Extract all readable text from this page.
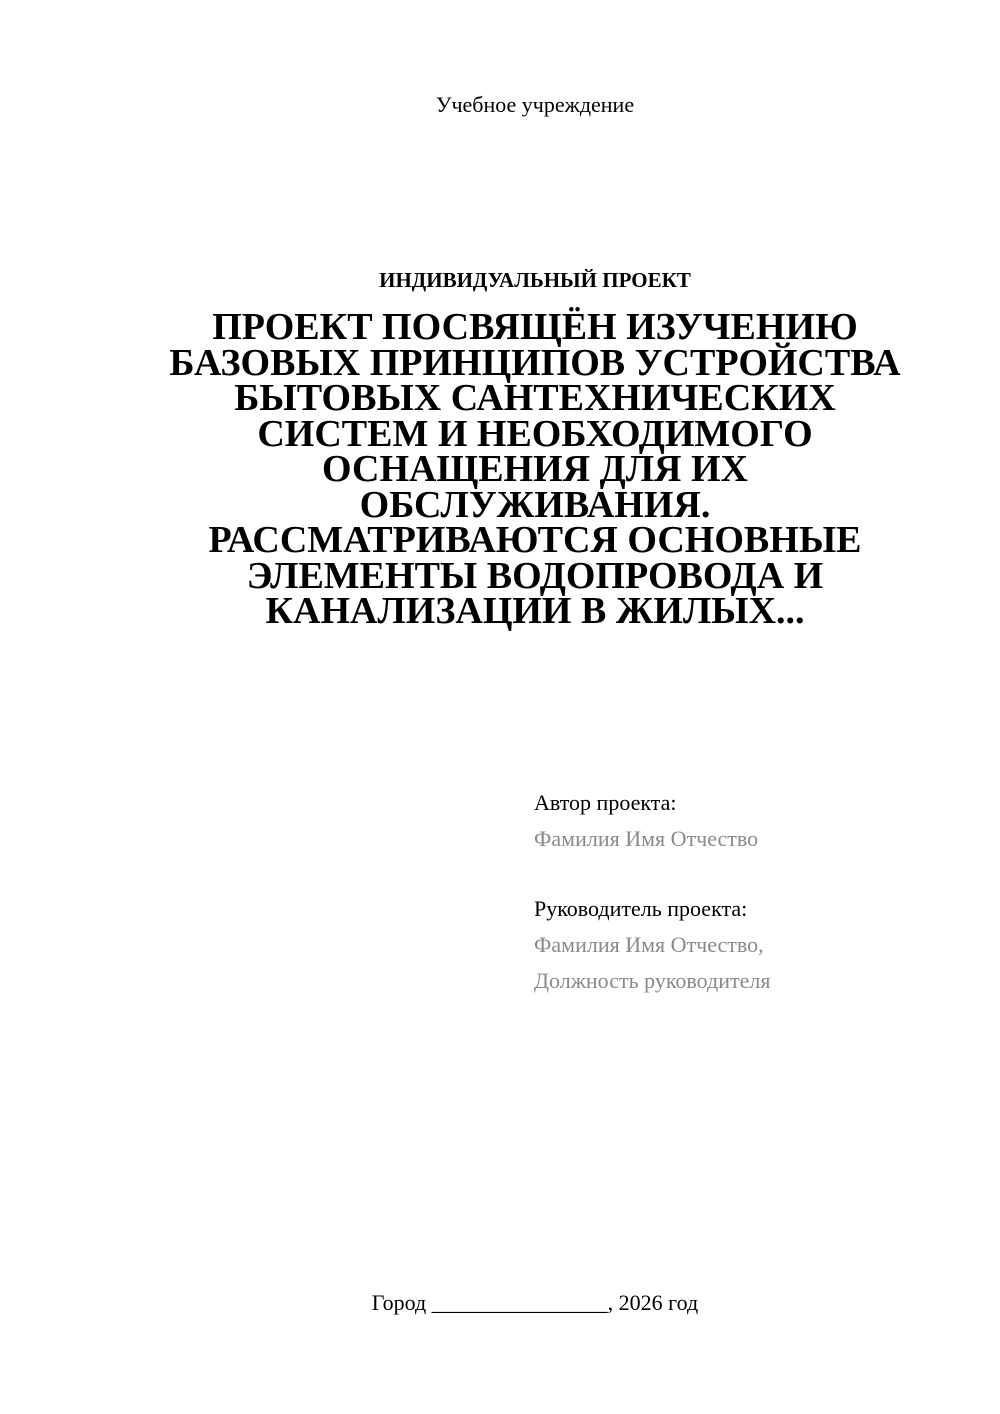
Учебное учреждение
ИНДИВИДУАЛЬНЫЙ ПРОЕКТ
ПРОЕКТ ПОСВЯЩЁН ИЗУЧЕНИЮ
БАЗОВЫХ ПРИНЦИПОВ УСТРОЙСТВА
БЫТОВЫХ САНТЕХНИЧЕСКИХ
СИСТЕМ И НЕОБХОДИМОГО
ОСНАЩЕНИЯ ДЛЯ ИХ
ОБСЛУЖИВАНИЯ.
РАССМАТРИВАЮТСЯ ОСНОВНЫЕ
ЭЛЕМЕНТЫ ВОДОПРОВОДА И
КАНАЛИЗАЦИИ В ЖИЛЫХ...
Автор проекта:
Фамилия Имя Отчество
Руководитель проекта:
Фамилия Имя Отчество,
Должность руководителя
Город ________________, 2026 год
